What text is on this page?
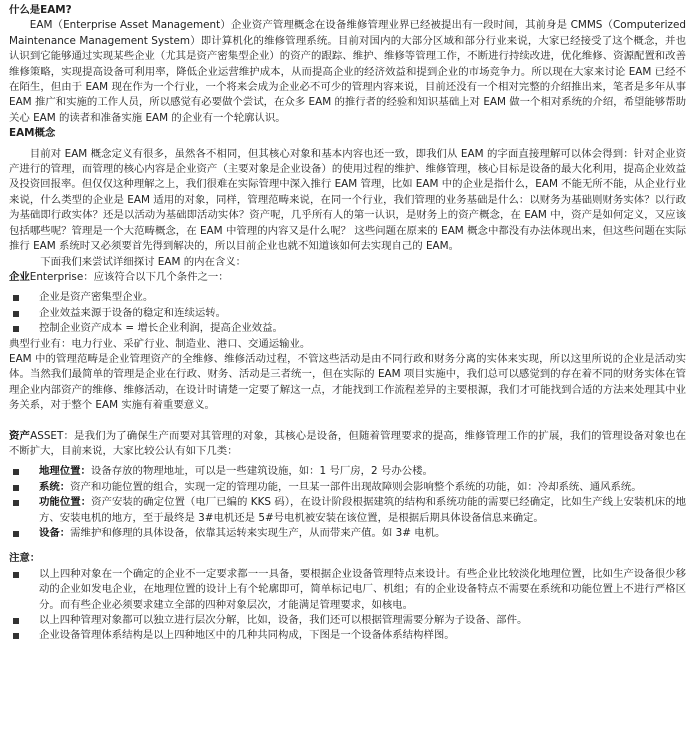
什么是EAM?

EAM（Enterprise Asset Management）企业资产管理概念在设备维修管理业界已经被提出有一段时间，其前身是 CMMS（Computerized Maintenance Management System）即计算机化的维修管理系统。目前对国内的大部分区域和部分行业来说，大家已经接受了这个概念，并也认识到它能够通过实现某些企业（尤其是资产密集型企业）的资产的跟踪、维护、维修等管理工作，不断进行持续改进，优化维修、资源配置和改善维修策略，实现提高设备可利用率，降低企业运营维护成本，从而提高企业的经济效益和提到企业的市场竞争力。所以现在大家来讨论 EAM 已经不在陌生，但由于 EAM 现在作为一个行业，一个将来会成为企业必不可少的管理内容来说，目前还没有一个相对完整的介绍推出来，笔者是多年从事 EAM 推广和实施的工作人员，所以感觉有必要做个尝试，在众多 EAM 的推行者的经验和知识基础上对 EAM 做一个相对系统的介绍，希望能够帮助关心 EAM 的读者和准备实施 EAM 的企业有一个轮廓认识。

EAM概念

目前对 EAM 概念定义有很多，虽然各不相同，但其核心对象和基本内容也还一致，即我们从 EAM 的字面直接理解可以体会得到：针对企业资产进行的管理，而管理的核心内容是企业资产（主要对象是企业设备）的使用过程的维护、维修管理，核心目标是设备的最大化利用，提高企业效益及投资回报率。但仅仅这种理解之上，我们很难在实际管理中深入推行 EAM 管理，比如 EAM 中的企业是指什么，EAM 不能无所不能，从企业行业来说，什么类型的企业是 EAM 适用的对象，同样，管理范畴来说，在同一个行业，我们管理的业务基础是什么：以财务为基础则财务实体？以行政为基础即行政实体？还是以活动为基础即活动实体？资产呢，几乎所有人的第一认识，是财务上的资产概念，在 EAM 中，资产是如何定义，又应该包括哪些呢？管理是一个大范畴概念，在 EAM 中管理的内容又是什么呢？ 这些问题在原来的 EAM 概念中都没有办法体现出来，但这些问题在实际推行 EAM 系统时又必须要首先得到解决的，所以目前企业也就不知道该如何去实现自己的 EAM。

下面我们来尝试详细探讨 EAM 的内在含义：

企业Enterprise：应该符合以下几个条件之一：

企业是资产密集型企业。
企业效益来源于设备的稳定和连续运转。
控制企业资产成本 = 增长企业利润，提高企业效益。

典型行业有：电力行业、采矿行业、制造业、港口、交通运输业。

EAM 中的管理范畴是企业管理资产的全维修、维修活动过程，不管这些活动是由不同行政和财务分离的实体来实现，所以这里所说的企业是活动实体。当然我们最简单的管理是企业在行政、财务、活动是三者统一，但在实际的 EAM 项目实施中，我们总可以感觉到的存在着不同的财务实体在管理企业内部资产的维修、维修活动，在设计时请楚一定要了解这一点，才能找到工作流程差异的主要根源，我们才可能找到合适的方法来处理其中业务关系，对于整个 EAM 实施有着重要意义。

资产ASSET：是我们为了确保生产而要对其管理的对象，其核心是设备，但随着管理要求的提高，维修管理工作的扩展，我们的管理设备对象也在不断扩大，目前来说，大家比较公认有如下几类：

地理位置：设备存放的物理地址，可以是一些建筑设施，如：1 号厂房，2 号办公楼。
系统：资产和功能位置的组合，实现一定的管理功能，一旦某一部件出现故障则会影响整个系统的功能，如：冷却系统、通风系统。
功能位置：资产安装的确定位置（电厂已编的 KKS 码），在设计阶段根据建筑的结构和系统功能的需要已经确定，比如生产线上安装机床的地方、安装电机的地方，至于最终是 3#电机还是 5#号电机被安装在该位置，是根据后期具体设备信息来确定。
设备：需维护和修理的具体设备，依靠其运转来实现生产，从而带来产值。如 3# 电机。

注意：

以上四种对象在一个确定的企业不一定要求都一一具备，要根据企业设备管理特点来设计。有些企业比较淡化地理位置，比如生产设备很少移动的企业如发电企业，在地理位置的设计上有个轮廓即可，简单标记电厂、机组；有的企业设备特点不需要在系统和功能位置上不进行严格区分。而有些企业必须要求建立全部的四种对象层次，才能满足管理要求，如核电。
以上四种管理对象都可以独立进行层次分解，比如，设备，我们还可以根据管理需要分解为子设备、部件。
企业设备管理体系结构是以上四种地区中的几种共同构成，下图是一个设备体系结构样图。
